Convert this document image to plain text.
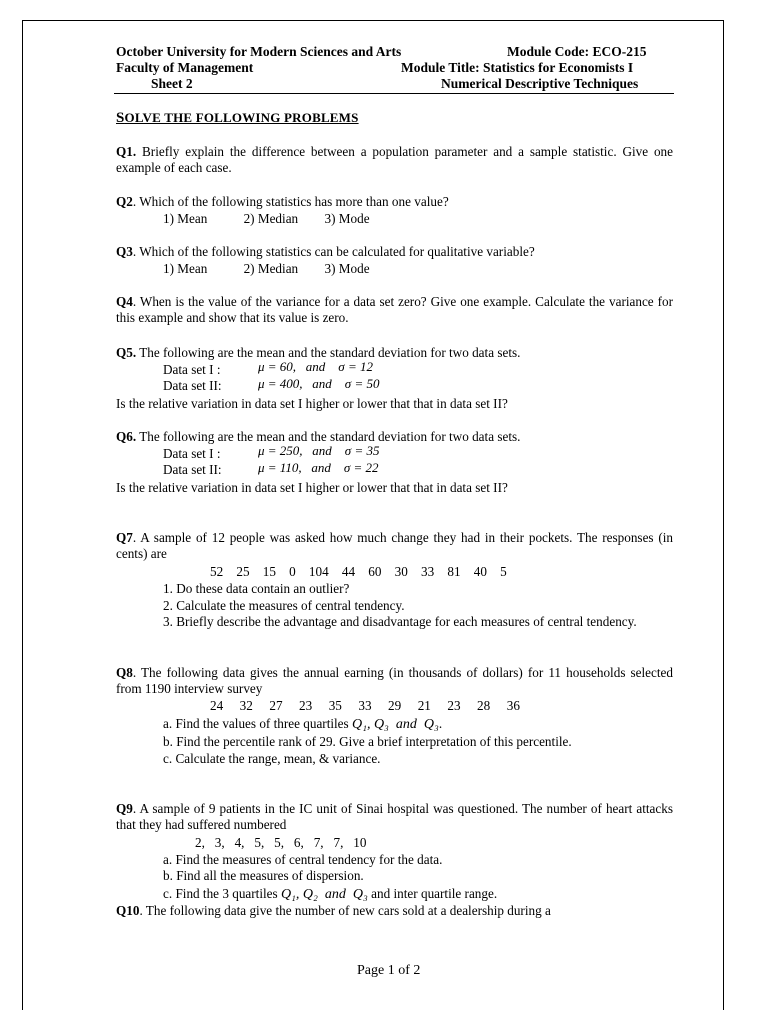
October University for Modern Sciences and Arts
Faculty of Management
Sheet 2
Module Code: ECO-215
Module Title: Statistics for Economists I
Numerical Descriptive Techniques
SOLVE THE FOLLOWING PROBLEMS
Q1. Briefly explain the difference between a population parameter and a sample statistic. Give one example of each case.
Q2. Which of the following statistics has more than one value?
1) Mean           2) Median        3) Mode
Q3. Which of the following statistics can be calculated for qualitative variable?
1) Mean           2) Median        3) Mode
Q4. When is the value of the variance for a data set zero? Give one example. Calculate the variance for this example and show that its value is zero.
Q5. The following are the mean and the standard deviation for two data sets.
Data set I :	μ = 60,   and    σ = 12
Data set II:	μ = 400,   and    σ = 50
Is the relative variation in data set I higher or lower that that in data set II?
Q6. The following are the mean and the standard deviation for two data sets.
Data set I :	μ = 250,   and    σ = 35
Data set II:	μ = 110,   and    σ = 22
Is the relative variation in data set I higher or lower that that in data set II?
Q7. A sample of 12 people was asked how much change they had in their pockets. The responses (in cents) are
52    25    15    0    104    44    60    30    33    81    40    5
1. Do these data contain an outlier?
2. Calculate the measures of central tendency.
3. Briefly describe the advantage and disadvantage for each measures of central tendency.
Q8. The following data gives the annual earning (in thousands of dollars) for 11 households selected from 1190 interview survey
24     32     27     23     35     33     29     21     23     28     36
a. Find the values of three quartiles Q₁, Q₃  and  Q₃.
b. Find the percentile rank of 29. Give a brief interpretation of this percentile.
c. Calculate the range, mean, & variance.
Q9. A sample of 9 patients in the IC unit of Sinai hospital was questioned. The number of heart attacks that they had suffered numbered
2,   3,   4,   5,   5,   6,   7,   7,   10
a. Find the measures of central tendency for the data.
b. Find all the measures of dispersion.
c. Find the 3 quartiles Q₁, Q₂  and  Q₃ and inter quartile range.
Q10. The following data give the number of new cars sold at a dealership during a
Page 1 of 2
